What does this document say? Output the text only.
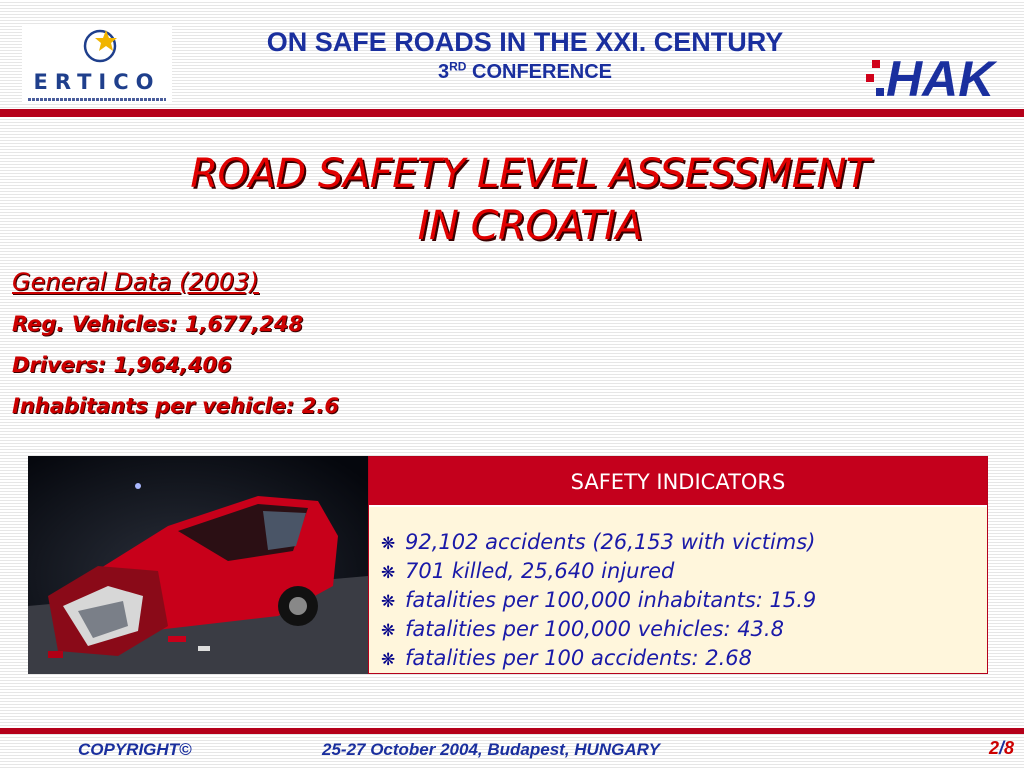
ERTICO
ON SAFE ROADS IN THE XXI. CENTURY
3RD CONFERENCE	HAK
ROAD SAFETY LEVEL ASSESSMENT
IN CROATIA
General Data (2003)
Reg. Vehicles: 1,677,248
Drivers: 1,964,406
Inhabitants per vehicle: 2.6
SAFETY INDICATORS
❋ 92,102 accidents (26,153 with victims)
❋ 701 killed, 25,640 injured
❋ fatalities per 100,000 inhabitants: 15.9
❋ fatalities per 100,000 vehicles: 43.8
❋ fatalities per 100 accidents: 2.68
COPYRIGHT©	25-27 October 2004, Budapest, HUNGARY	2/8
